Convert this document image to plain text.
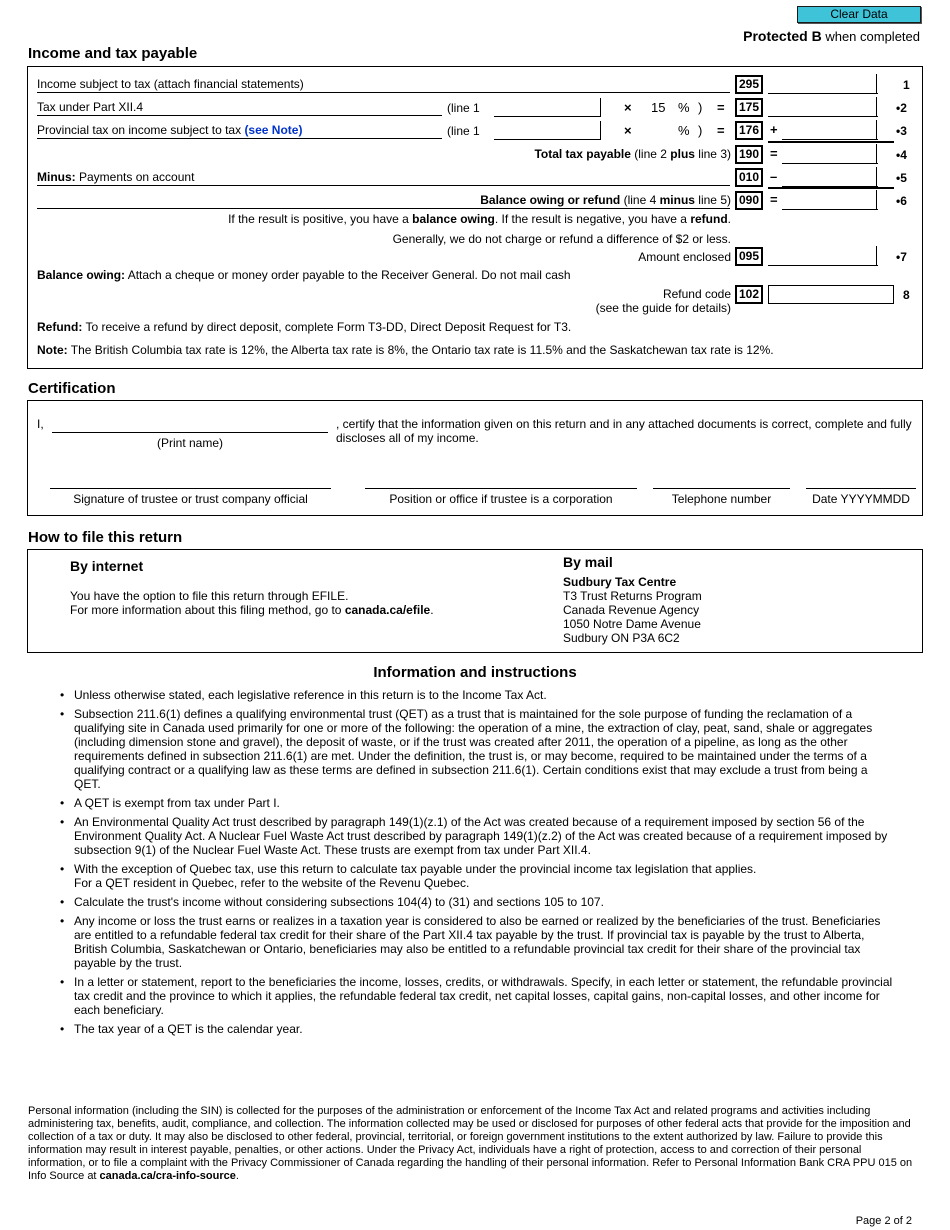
Clear Data
Protected B when completed
Income and tax payable
Income subject to tax (attach financial statements)	295	1
Tax under Part XII.4	(line 1	× 15 % ) =	175	•2
Provincial tax on income subject to tax (see Note)	(line 1	×	% ) =	176 +	•3
Total tax payable (line 2 plus line 3) 190 =	•4
Minus: Payments on account	010 –	•5
Balance owing or refund (line 4 minus line 5) 090 =	•6
If the result is positive, you have a balance owing. If the result is negative, you have a refund.
Generally, we do not charge or refund a difference of $2 or less.
Amount enclosed 095	•7
Balance owing: Attach a cheque or money order payable to the Receiver General. Do not mail cash
Refund code 102	8
(see the guide for details)
Refund: To receive a refund by direct deposit, complete Form T3-DD, Direct Deposit Request for T3.
Note: The British Columbia tax rate is 12%, the Alberta tax rate is 8%, the Ontario tax rate is 11.5% and the Saskatchewan tax rate is 12%.
Certification
I,
(Print name)
, certify that the information given on this return and in any attached documents is correct, complete and fully discloses all of my income.
Signature of trustee or trust company official	Position or office if trustee is a corporation	Telephone number	Date YYYYMMDD
How to file this return
By internet
You have the option to file this return through EFILE.
For more information about this filing method, go to canada.ca/efile.
By mail
Sudbury Tax Centre
T3 Trust Returns Program
Canada Revenue Agency
1050 Notre Dame Avenue
Sudbury ON P3A 6C2
Information and instructions
• Unless otherwise stated, each legislative reference in this return is to the Income Tax Act.
• Subsection 211.6(1) defines a qualifying environmental trust (QET) as a trust that is maintained for the sole purpose of funding the reclamation of a qualifying site in Canada used primarily for one or more of the following: the operation of a mine, the extraction of clay, peat, sand, shale or aggregates (including dimension stone and gravel), the deposit of waste, or if the trust was created after 2011, the operation of a pipeline, as long as the other requirements defined in subsection 211.6(1) are met. Under the definition, the trust is, or may become, required to be maintained under the terms of a qualifying contract or a qualifying law as these terms are defined in subsection 211.6(1). Certain conditions exist that may exclude a trust from being a QET.
• A QET is exempt from tax under Part I.
• An Environmental Quality Act trust described by paragraph 149(1)(z.1) of the Act was created because of a requirement imposed by section 56 of the Environment Quality Act. A Nuclear Fuel Waste Act trust described by paragraph 149(1)(z.2) of the Act was created because of a requirement imposed by subsection 9(1) of the Nuclear Fuel Waste Act. These trusts are exempt from tax under Part XII.4.
• With the exception of Quebec tax, use this return to calculate tax payable under the provincial income tax legislation that applies.
For a QET resident in Quebec, refer to the website of the Revenu Quebec.
• Calculate the trust's income without considering subsections 104(4) to (31) and sections 105 to 107.
• Any income or loss the trust earns or realizes in a taxation year is considered to also be earned or realized by the beneficiaries of the trust. Beneficiaries are entitled to a refundable federal tax credit for their share of the Part XII.4 tax payable by the trust. If provincial tax is payable by the trust to Alberta, British Columbia, Saskatchewan or Ontario, beneficiaries may also be entitled to a refundable provincial tax credit for their share of the provincial tax payable by the trust.
• In a letter or statement, report to the beneficiaries the income, losses, credits, or withdrawals. Specify, in each letter or statement, the refundable provincial tax credit and the province to which it applies, the refundable federal tax credit, net capital losses, capital gains, non-capital losses, and other income for each beneficiary.
• The tax year of a QET is the calendar year.
Personal information (including the SIN) is collected for the purposes of the administration or enforcement of the Income Tax Act and related programs and activities including administering tax, benefits, audit, compliance, and collection. The information collected may be used or disclosed for purposes of other federal acts that provide for the imposition and collection of a tax or duty. It may also be disclosed to other federal, provincial, territorial, or foreign government institutions to the extent authorized by law. Failure to provide this information may result in interest payable, penalties, or other actions. Under the Privacy Act, individuals have a right of protection, access to and correction of their personal information, or to file a complaint with the Privacy Commissioner of Canada regarding the handling of their personal information. Refer to Personal Information Bank CRA PPU 015 on Info Source at canada.ca/cra-info-source.
Page 2 of 2
